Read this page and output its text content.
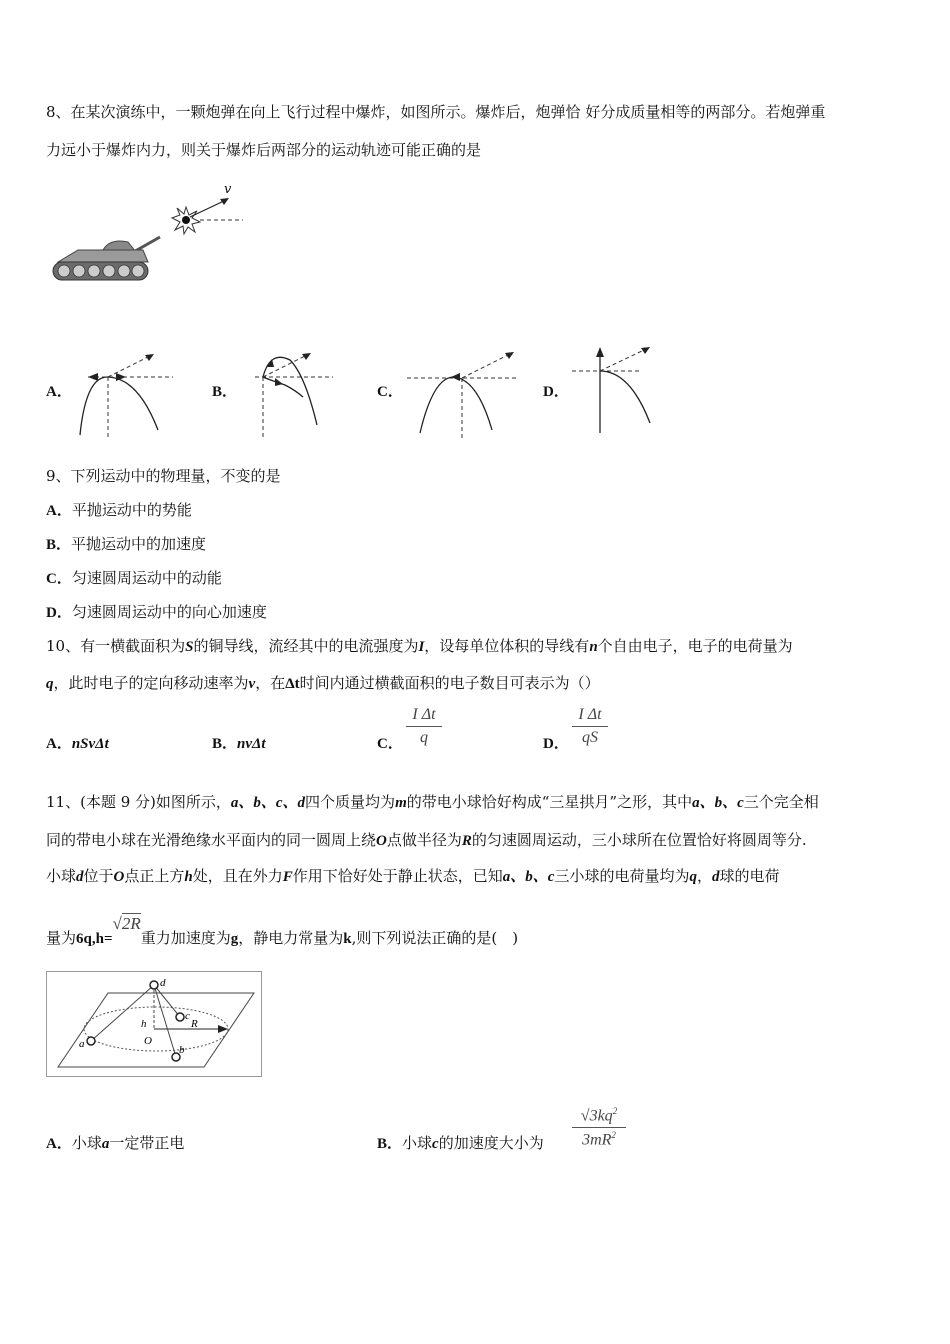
8、在某次演练中，一颗炮弹在向上飞行过程中爆炸，如图所示。爆炸后，炮弹恰 好分成质量相等的两部分。若炮弹重
力远小于爆炸内力，则关于爆炸后两部分的运动轨迹可能正确的是
v
A．	B．	C．	D．
9、下列运动中的物理量，不变的是
A．平抛运动中的势能
B．平抛运动中的加速度
C．匀速圆周运动中的动能
D．匀速圆周运动中的向心加速度
10、有一横截面积为S的铜导线，流经其中的电流强度为I，设每单位体积的导线有n个自由电子，电子的电荷量为
q，此时电子的定向移动速率为v，在Δt时间内通过横截面积的电子数目可表示为（）
A．nSvΔt	B．nvΔt	C．
I Δt
q	D．
I Δt
qS
11、(本题 9 分)如图所示，a、b、c、d四个质量均为m的带电小球恰好构成“三星拱月”之形，其中a、b、c三个完全相
同的带电小球在光滑绝缘水平面内的同一圆周上绕O点做半径为R的匀速圆周运动，三小球所在位置恰好将圆周等分.
小球d位于O点正上方h处，且在外力F作用下恰好处于静止状态，已知a、b、c三小球的电荷量均为q，d球的电荷
量为6q,h=√2R重力加速度为g，静电力常量为k,则下列说法正确的是(　)
d
c
a	b
h	R
O
A．小球a一定带正电	B．小球c的加速度大小为
$√3kq^2$
$3mR^2$
